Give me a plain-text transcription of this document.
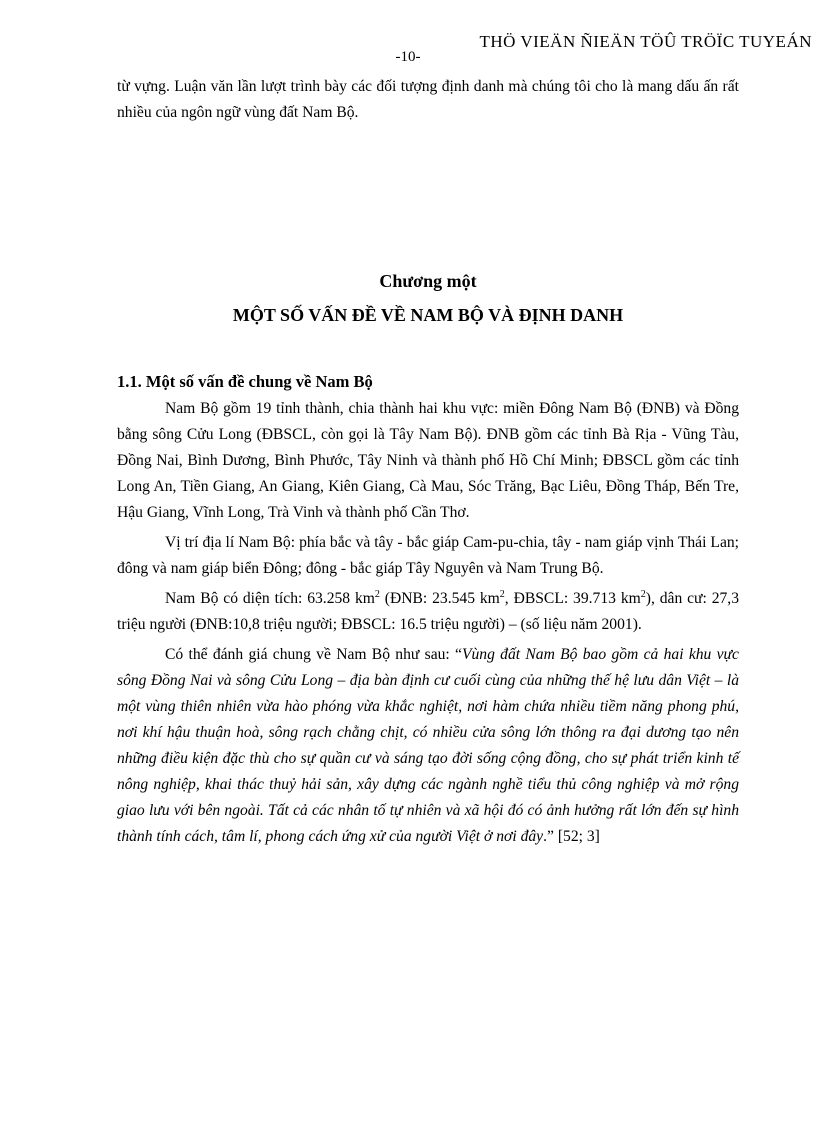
THÖ VIEÄN ÑIEÄN TÖÛ TRÖÏC TUYEÁN
-10-

từ vựng. Luận văn lần lượt trình bày các đối tượng định danh mà chúng tôi cho là mang dấu ấn rất nhiều của ngôn ngữ vùng đất Nam Bộ.

Chương một
MỘT SỐ VẤN ĐỀ VỀ NAM BỘ VÀ ĐỊNH DANH
1.1. Một số vấn đề chung về Nam Bộ

Nam Bộ gồm 19 tỉnh thành, chia thành hai khu vực: miền Đông Nam Bộ (ĐNB) và Đồng bằng sông Cửu Long (ĐBSCL, còn gọi là Tây Nam Bộ). ĐNB gồm các tỉnh Bà Rịa - Vũng Tàu, Đồng Nai, Bình Dương, Bình Phước, Tây Ninh và thành phố Hồ Chí Minh; ĐBSCL gồm các tỉnh Long An, Tiền Giang, An Giang, Kiên Giang, Cà Mau, Sóc Trăng, Bạc Liêu, Đồng Tháp, Bến Tre, Hậu Giang, Vĩnh Long, Trà Vinh và thành phố Cần Thơ.

Vị trí địa lí Nam Bộ: phía bắc và tây - bắc giáp Cam-pu-chia, tây - nam giáp vịnh Thái Lan; đông và nam giáp biển Đông; đông - bắc giáp Tây Nguyên và Nam Trung Bộ.

Nam Bộ có diện tích: 63.258 $km^2$ (ĐNB: 23.545 $km^2$, ĐBSCL: 39.713 $km^2$), dân cư: 27,3 triệu người (ĐNB:10,8 triệu người; ĐBSCL: 16.5 triệu người) – (số liệu năm 2001).

Có thể đánh giá chung về Nam Bộ như sau: “Vùng đất Nam Bộ bao gồm cả hai khu vực sông Đồng Nai và sông Cửu Long – địa bàn định cư cuối cùng của những thế hệ lưu dân Việt – là một vùng thiên nhiên vừa hào phóng vừa khắc nghiệt, nơi hàm chứa nhiều tiềm năng phong phú, nơi khí hậu thuận hoà, sông rạch chằng chịt, có nhiều cửa sông lớn thông ra đại dương tạo nên những điều kiện đặc thù cho sự quần cư và sáng tạo đời sống cộng đồng, cho sự phát triển kinh tế nông nghiệp, khai thác thuỷ hải sản, xây dựng các ngành nghề tiểu thủ công nghiệp và mở rộng giao lưu với bên ngoài. Tất cả các nhân tố tự nhiên và xã hội đó có ảnh hưởng rất lớn đến sự hình thành tính cách, tâm lí, phong cách ứng xử của người Việt ở nơi đây.” [52; 3]
